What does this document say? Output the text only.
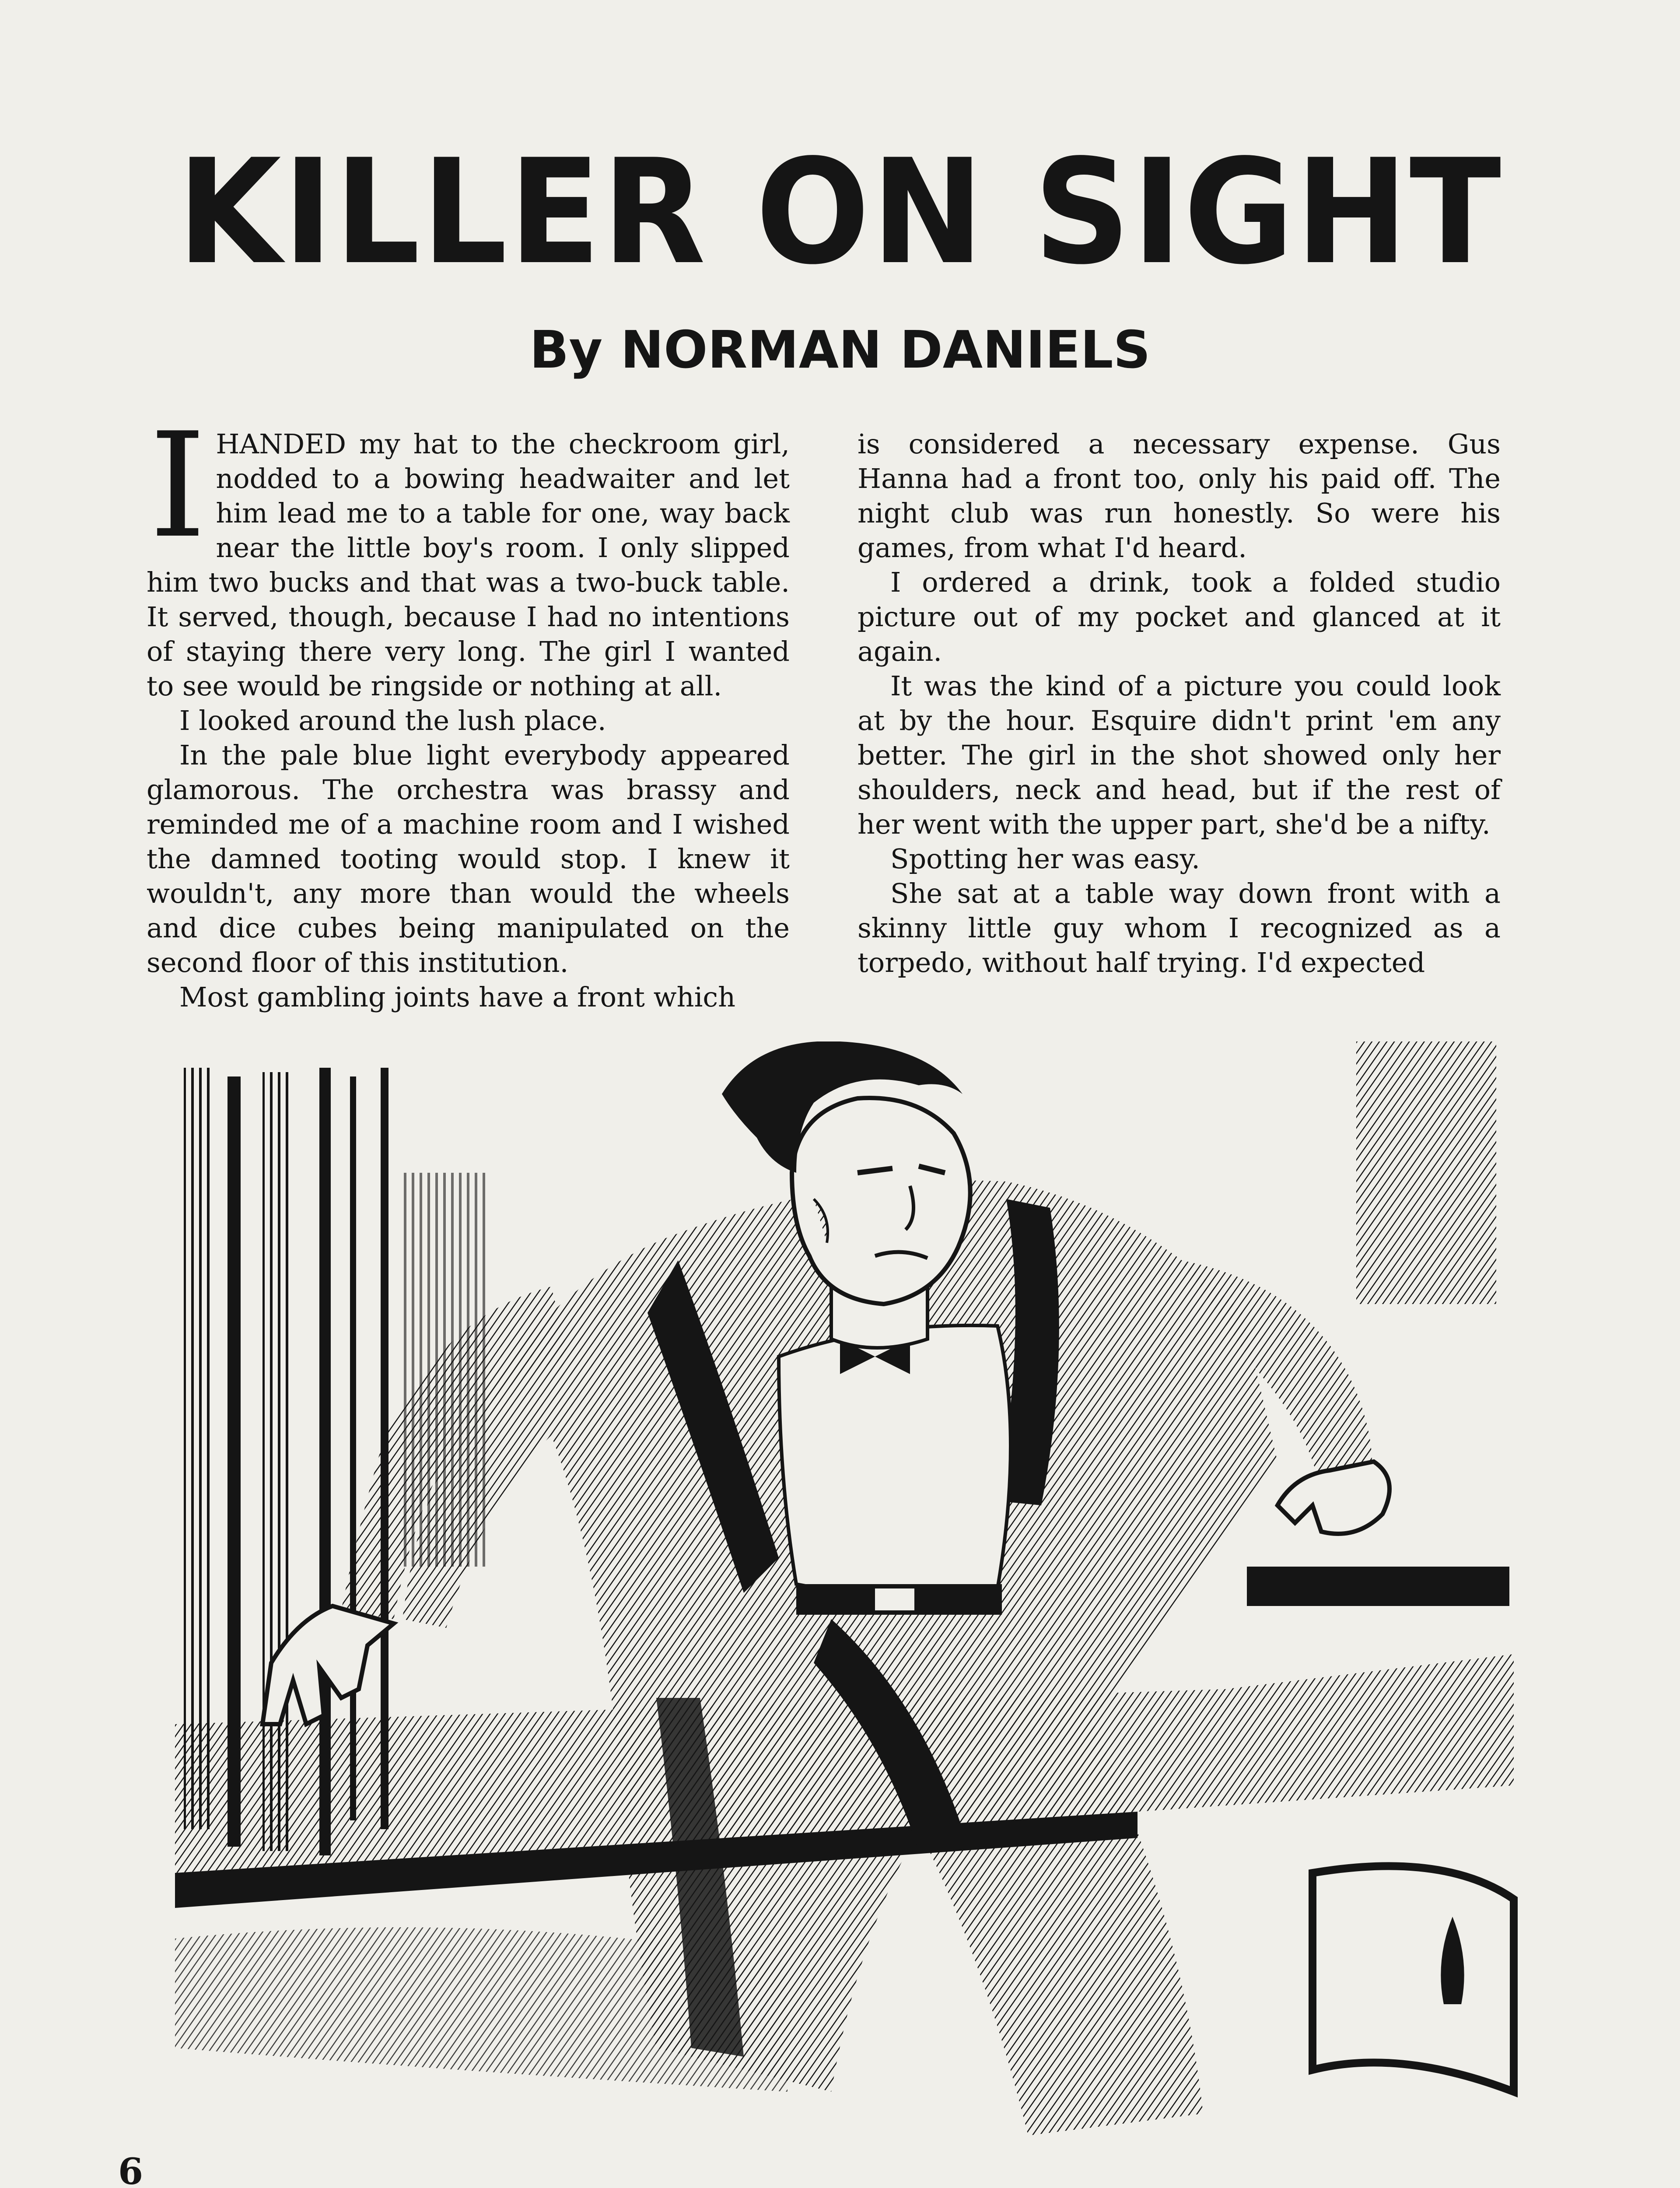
KILLER ON SIGHT
By NORMAN DANIELS

IHANDED my hat to the checkroom girl, nodded to a bowing headwaiter and let him lead me to a table for one, way back near the little boy's room. I only slipped him two bucks and that was a two-buck table. It served, though, because I had no intentions of staying there very long. The girl I wanted to see would be ringside or nothing at all.

I looked around the lush place.

In the pale blue light everybody appeared glamorous. The orchestra was brassy and reminded me of a machine room and I wished the damned tooting would stop. I knew it wouldn't, any more than would the wheels and dice cubes being manipulated on the second floor of this institution.

Most gambling joints have a front which

is considered a necessary expense. Gus Hanna had a front too, only his paid off. The night club was run honestly. So were his games, from what I'd heard.

I ordered a drink, took a folded studio picture out of my pocket and glanced at it again.

It was the kind of a picture you could look at by the hour. Esquire didn't print 'em any better. The girl in the shot showed only her shoulders, neck and head, but if the rest of her went with the upper part, she'd be a nifty.

Spotting her was easy.

She sat at a table way down front with a skinny little guy whom I recognized as a torpedo, without half trying. I'd expected

6
